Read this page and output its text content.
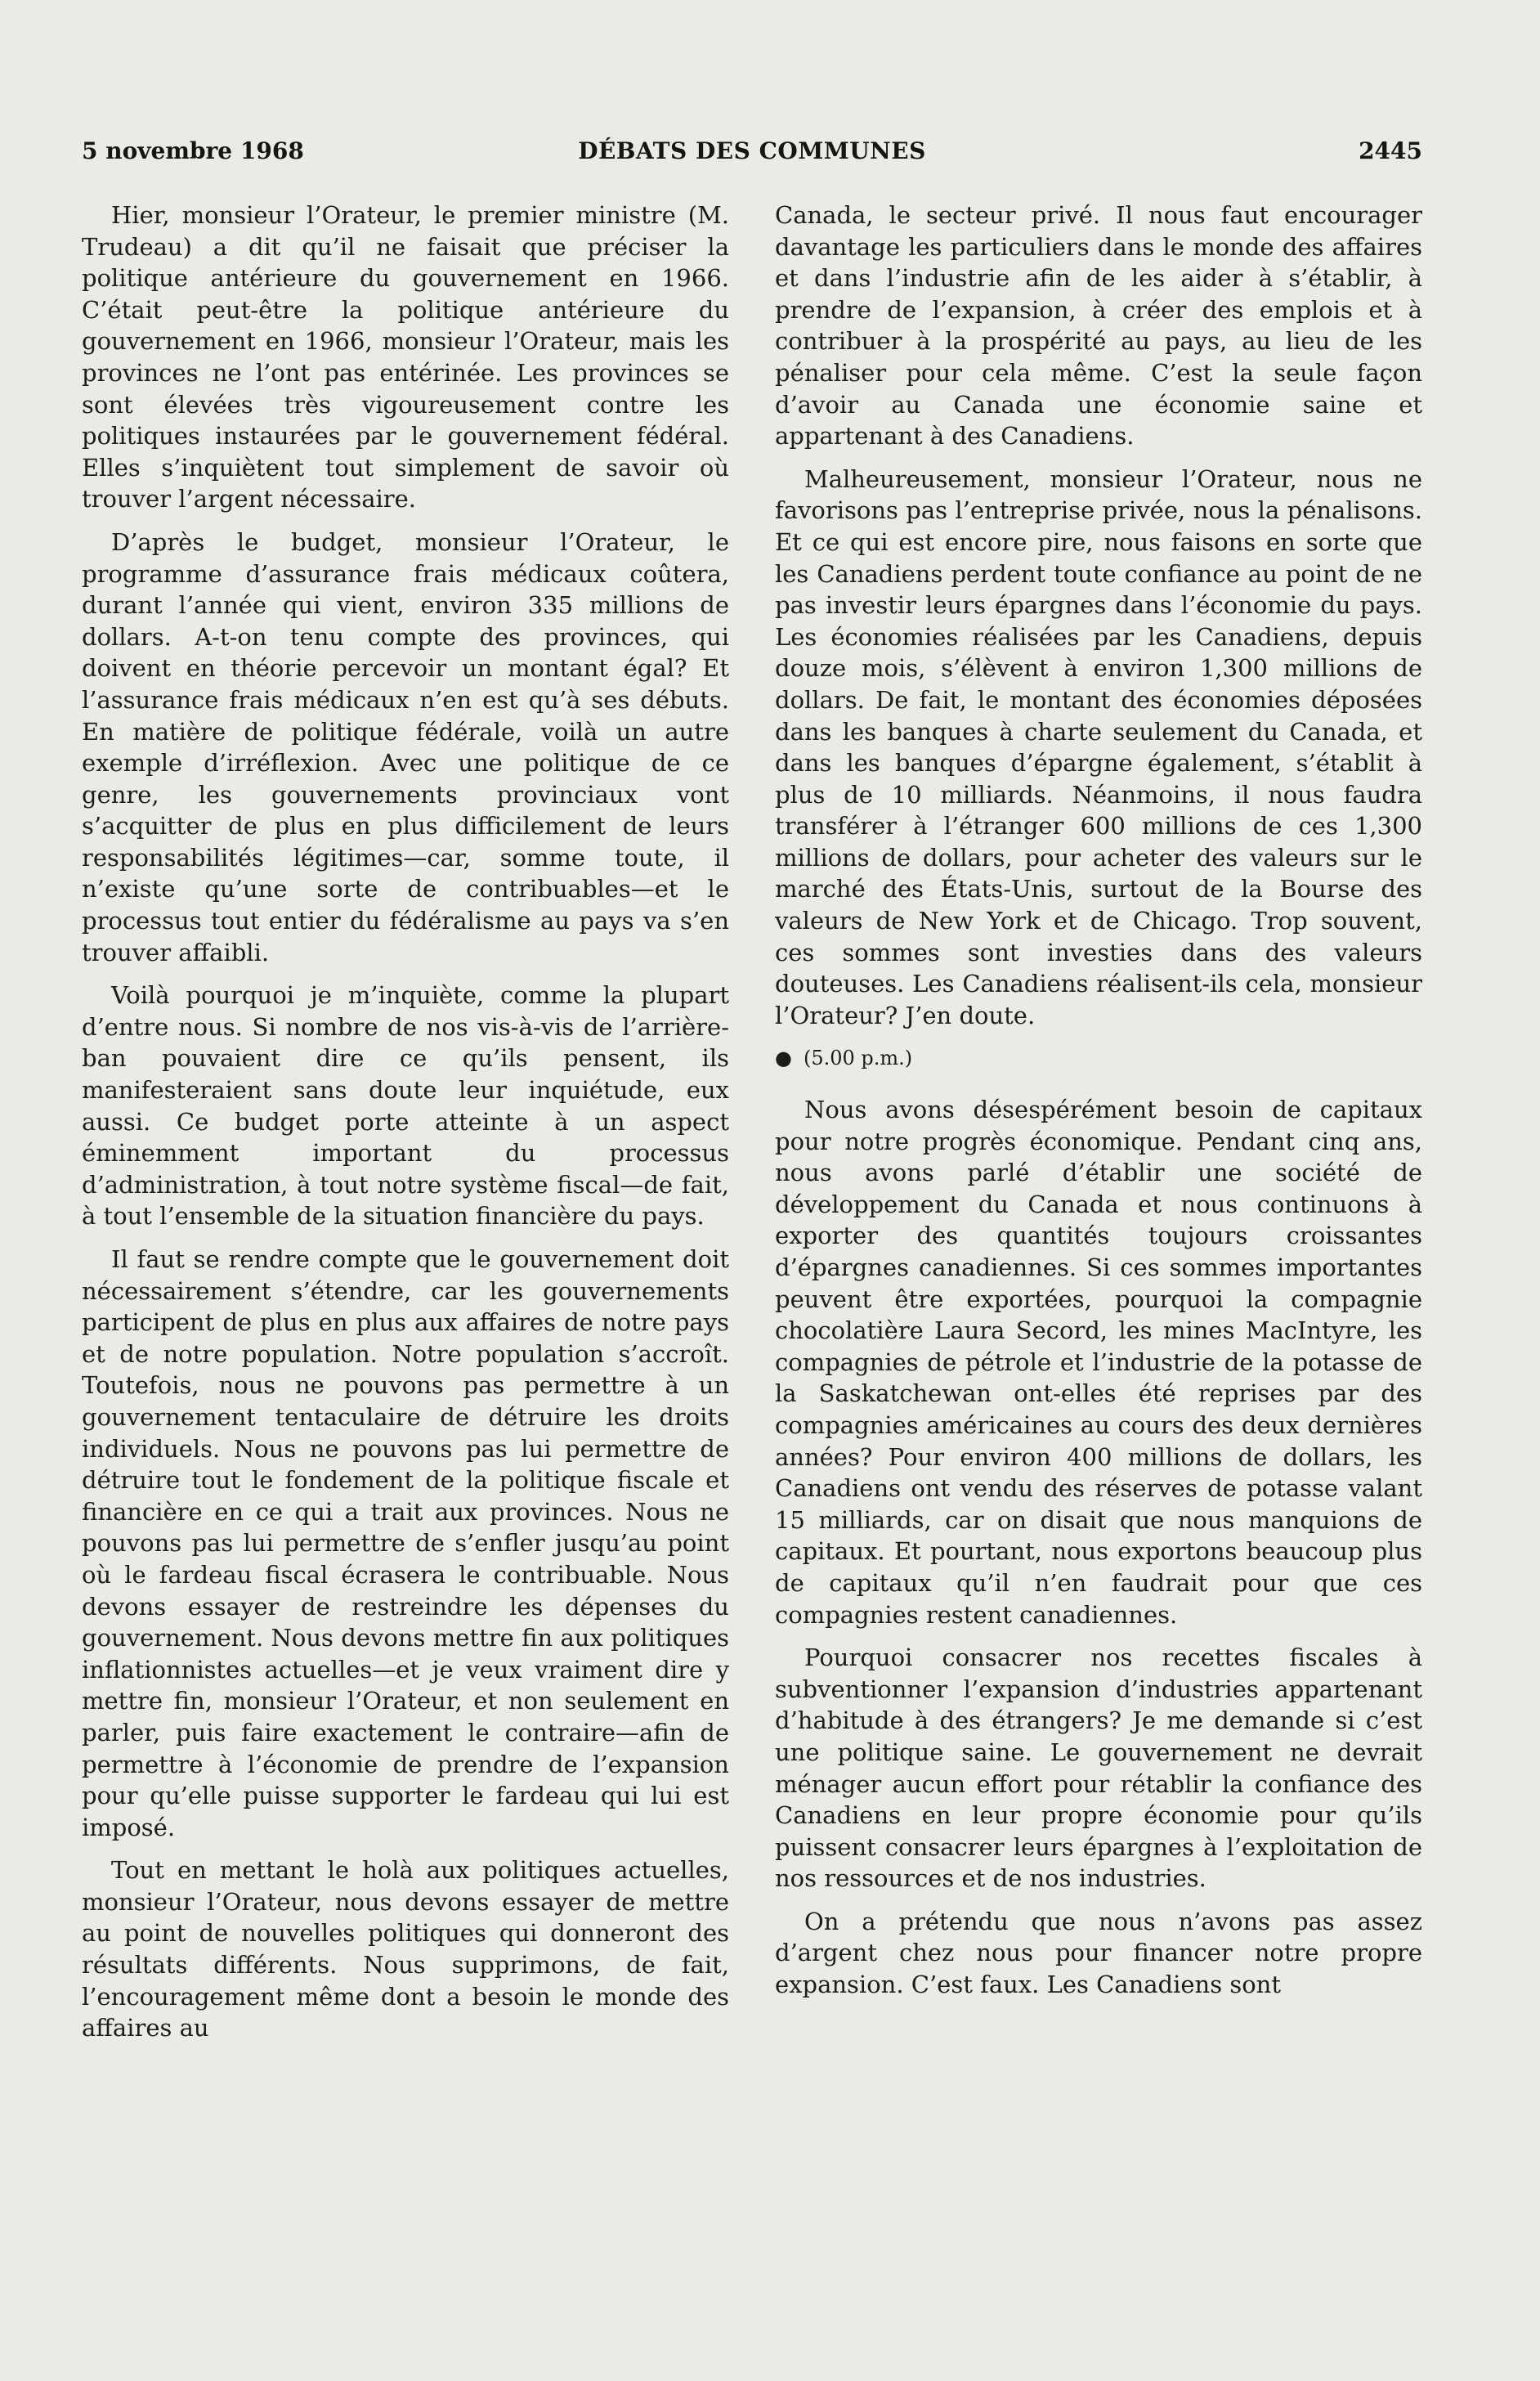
5 novembre 1968	DÉBATS DES COMMUNES	2445

Hier, monsieur l’Orateur, le premier ministre (M. Trudeau) a dit qu’il ne faisait que préciser la politique antérieure du gouvernement en 1966. C’était peut-être la politique antérieure du gouvernement en 1966, monsieur l’Orateur, mais les provinces ne l’ont pas entérinée. Les provinces se sont élevées très vigoureusement contre les politiques instaurées par le gouvernement fédéral. Elles s’inquiètent tout simplement de savoir où trouver l’argent nécessaire.

D’après le budget, monsieur l’Orateur, le programme d’assurance frais médicaux coûtera, durant l’année qui vient, environ 335 millions de dollars. A-t-on tenu compte des provinces, qui doivent en théorie percevoir un montant égal? Et l’assurance frais médicaux n’en est qu’à ses débuts. En matière de politique fédérale, voilà un autre exemple d’irréflexion. Avec une politique de ce genre, les gouvernements provinciaux vont s’acquitter de plus en plus difficilement de leurs responsabilités légitimes—car, somme toute, il n’existe qu’une sorte de contribuables—et le processus tout entier du fédéralisme au pays va s’en trouver affaibli.

Voilà pourquoi je m’inquiète, comme la plupart d’entre nous. Si nombre de nos vis-à-vis de l’arrière-ban pouvaient dire ce qu’ils pensent, ils manifesteraient sans doute leur inquiétude, eux aussi. Ce budget porte atteinte à un aspect éminemment important du processus d’administration, à tout notre système fiscal—de fait, à tout l’ensemble de la situation financière du pays.

Il faut se rendre compte que le gouvernement doit nécessairement s’étendre, car les gouvernements participent de plus en plus aux affaires de notre pays et de notre population. Notre population s’accroît. Toutefois, nous ne pouvons pas permettre à un gouvernement tentaculaire de détruire les droits individuels. Nous ne pouvons pas lui permettre de détruire tout le fondement de la politique fiscale et financière en ce qui a trait aux provinces. Nous ne pouvons pas lui permettre de s’enfler jusqu’au point où le fardeau fiscal écrasera le contribuable. Nous devons essayer de restreindre les dépenses du gouvernement. Nous devons mettre fin aux politiques inflationnistes actuelles—et je veux vraiment dire y mettre fin, monsieur l’Orateur, et non seulement en parler, puis faire exactement le contraire—afin de permettre à l’économie de prendre de l’expansion pour qu’elle puisse supporter le fardeau qui lui est imposé.

Tout en mettant le holà aux politiques actuelles, monsieur l’Orateur, nous devons essayer de mettre au point de nouvelles politiques qui donneront des résultats différents. Nous supprimons, de fait, l’encouragement même dont a besoin le monde des affaires au

Canada, le secteur privé. Il nous faut encourager davantage les particuliers dans le monde des affaires et dans l’industrie afin de les aider à s’établir, à prendre de l’expansion, à créer des emplois et à contribuer à la prospérité au pays, au lieu de les pénaliser pour cela même. C’est la seule façon d’avoir au Canada une économie saine et appartenant à des Canadiens.

Malheureusement, monsieur l’Orateur, nous ne favorisons pas l’entreprise privée, nous la pénalisons. Et ce qui est encore pire, nous faisons en sorte que les Canadiens perdent toute confiance au point de ne pas investir leurs épargnes dans l’économie du pays. Les économies réalisées par les Canadiens, depuis douze mois, s’élèvent à environ 1,300 millions de dollars. De fait, le montant des économies déposées dans les banques à charte seulement du Canada, et dans les banques d’épargne également, s’établit à plus de 10 milliards. Néanmoins, il nous faudra transférer à l’étranger 600 millions de ces 1,300 millions de dollars, pour acheter des valeurs sur le marché des États-Unis, surtout de la Bourse des valeurs de New York et de Chicago. Trop souvent, ces sommes sont investies dans des valeurs douteuses. Les Canadiens réalisent-ils cela, monsieur l’Orateur? J’en doute.

● (5.00 p.m.)

Nous avons désespérément besoin de capitaux pour notre progrès économique. Pendant cinq ans, nous avons parlé d’établir une société de développement du Canada et nous continuons à exporter des quantités toujours croissantes d’épargnes canadiennes. Si ces sommes importantes peuvent être exportées, pourquoi la compagnie chocolatière Laura Secord, les mines MacIntyre, les compagnies de pétrole et l’industrie de la potasse de la Saskatchewan ont-elles été reprises par des compagnies américaines au cours des deux dernières années? Pour environ 400 millions de dollars, les Canadiens ont vendu des réserves de potasse valant 15 milliards, car on disait que nous manquions de capitaux. Et pourtant, nous exportons beaucoup plus de capitaux qu’il n’en faudrait pour que ces compagnies restent canadiennes.

Pourquoi consacrer nos recettes fiscales à subventionner l’expansion d’industries appartenant d’habitude à des étrangers? Je me demande si c’est une politique saine. Le gouvernement ne devrait ménager aucun effort pour rétablir la confiance des Canadiens en leur propre économie pour qu’ils puissent consacrer leurs épargnes à l’exploitation de nos ressources et de nos industries.

On a prétendu que nous n’avons pas assez d’argent chez nous pour financer notre propre expansion. C’est faux. Les Canadiens sont
